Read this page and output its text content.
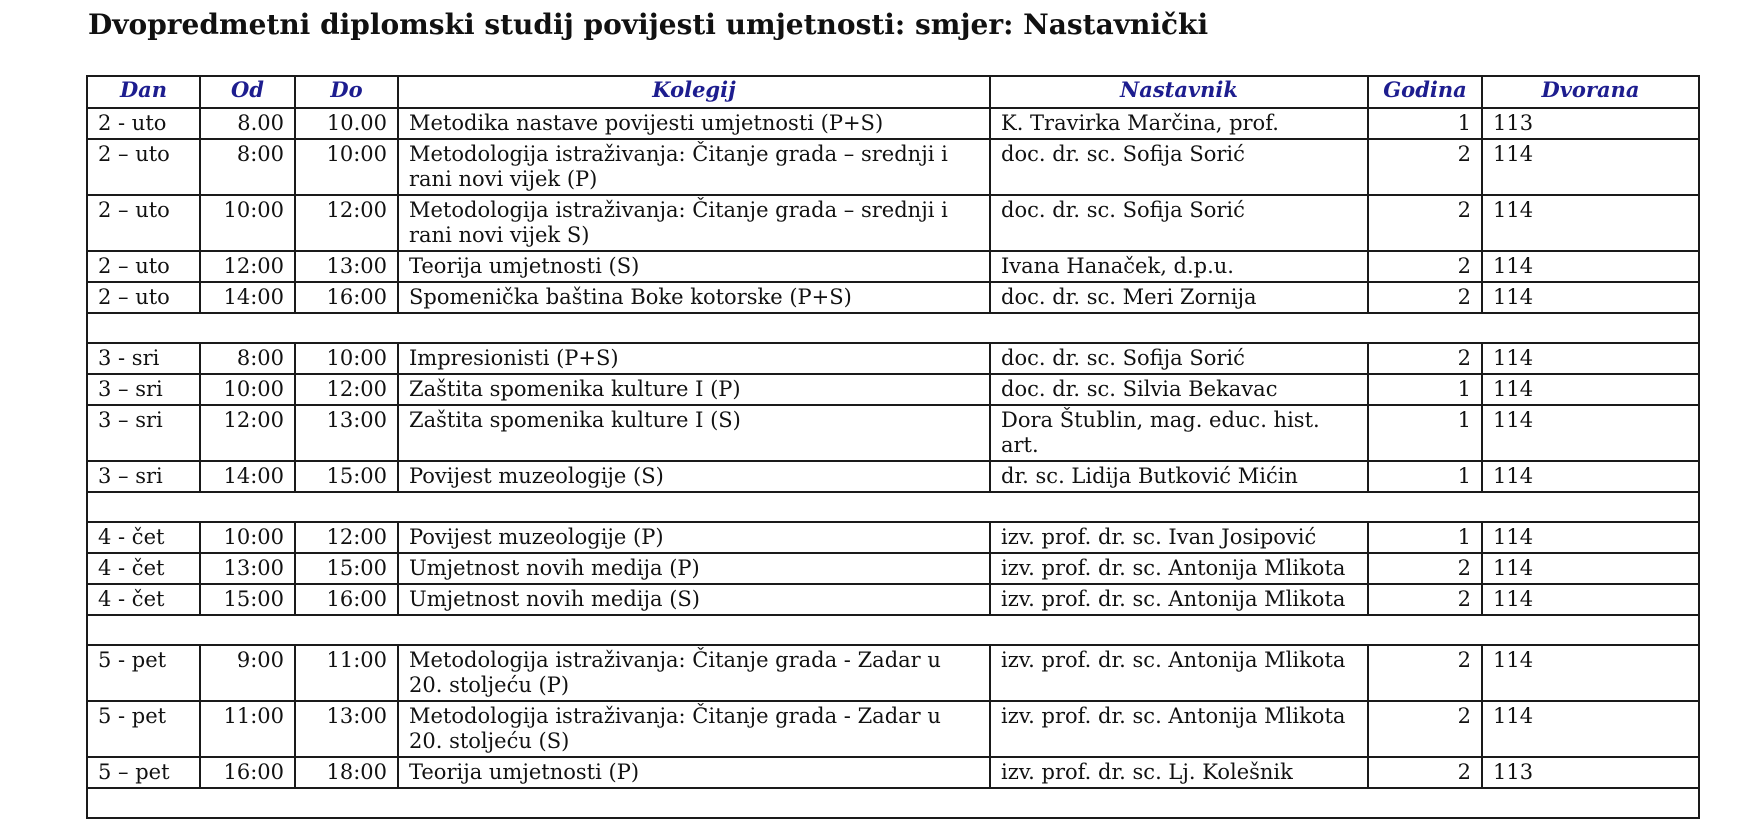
Dvopredmetni diplomski studij povijesti umjetnosti: smjer: Nastavnički
Dan	Od	Do	Kolegij	Nastavnik	Godina	Dvorana
2 - uto	8.00	10.00	Metodika nastave povijesti umjetnosti (P+S)	K. Travirka Marčina, prof.	1	113
2 – uto	8:00	10:00	Metodologija istraživanja: Čitanje grada – srednji i rani novi vijek (P)	doc. dr. sc. Sofija Sorić	2	114
2 – uto	10:00	12:00	Metodologija istraživanja: Čitanje grada – srednji i rani novi vijek S)	doc. dr. sc. Sofija Sorić	2	114
2 – uto	12:00	13:00	Teorija umjetnosti (S)	Ivana Hanaček, d.p.u.	2	114
2 – uto	14:00	16:00	Spomenička baština Boke kotorske (P+S)	doc. dr. sc. Meri Zornija	2	114

3 - sri	8:00	10:00	Impresionisti (P+S)	doc. dr. sc. Sofija Sorić	2	114
3 – sri	10:00	12:00	Zaštita spomenika kulture I (P)	doc. dr. sc. Silvia Bekavac	1	114
3 – sri	12:00	13:00	Zaštita spomenika kulture I (S)	Dora Štublin, mag. educ. hist. art.	1	114
3 – sri	14:00	15:00	Povijest muzeologije (S)	dr. sc. Lidija Butković Mićin	1	114

4 - čet	10:00	12:00	Povijest muzeologije (P)	izv. prof. dr. sc. Ivan Josipović	1	114
4 - čet	13:00	15:00	Umjetnost novih medija (P)	izv. prof. dr. sc. Antonija Mlikota	2	114
4 - čet	15:00	16:00	Umjetnost novih medija (S)	izv. prof. dr. sc. Antonija Mlikota	2	114

5 - pet	9:00	11:00	Metodologija istraživanja: Čitanje grada - Zadar u 20. stoljeću (P)	izv. prof. dr. sc. Antonija Mlikota	2	114
5 - pet	11:00	13:00	Metodologija istraživanja: Čitanje grada - Zadar u 20. stoljeću (S)	izv. prof. dr. sc. Antonija Mlikota	2	114
5 – pet	16:00	18:00	Teorija umjetnosti (P)	izv. prof. dr. sc. Lj. Kolešnik	2	113
